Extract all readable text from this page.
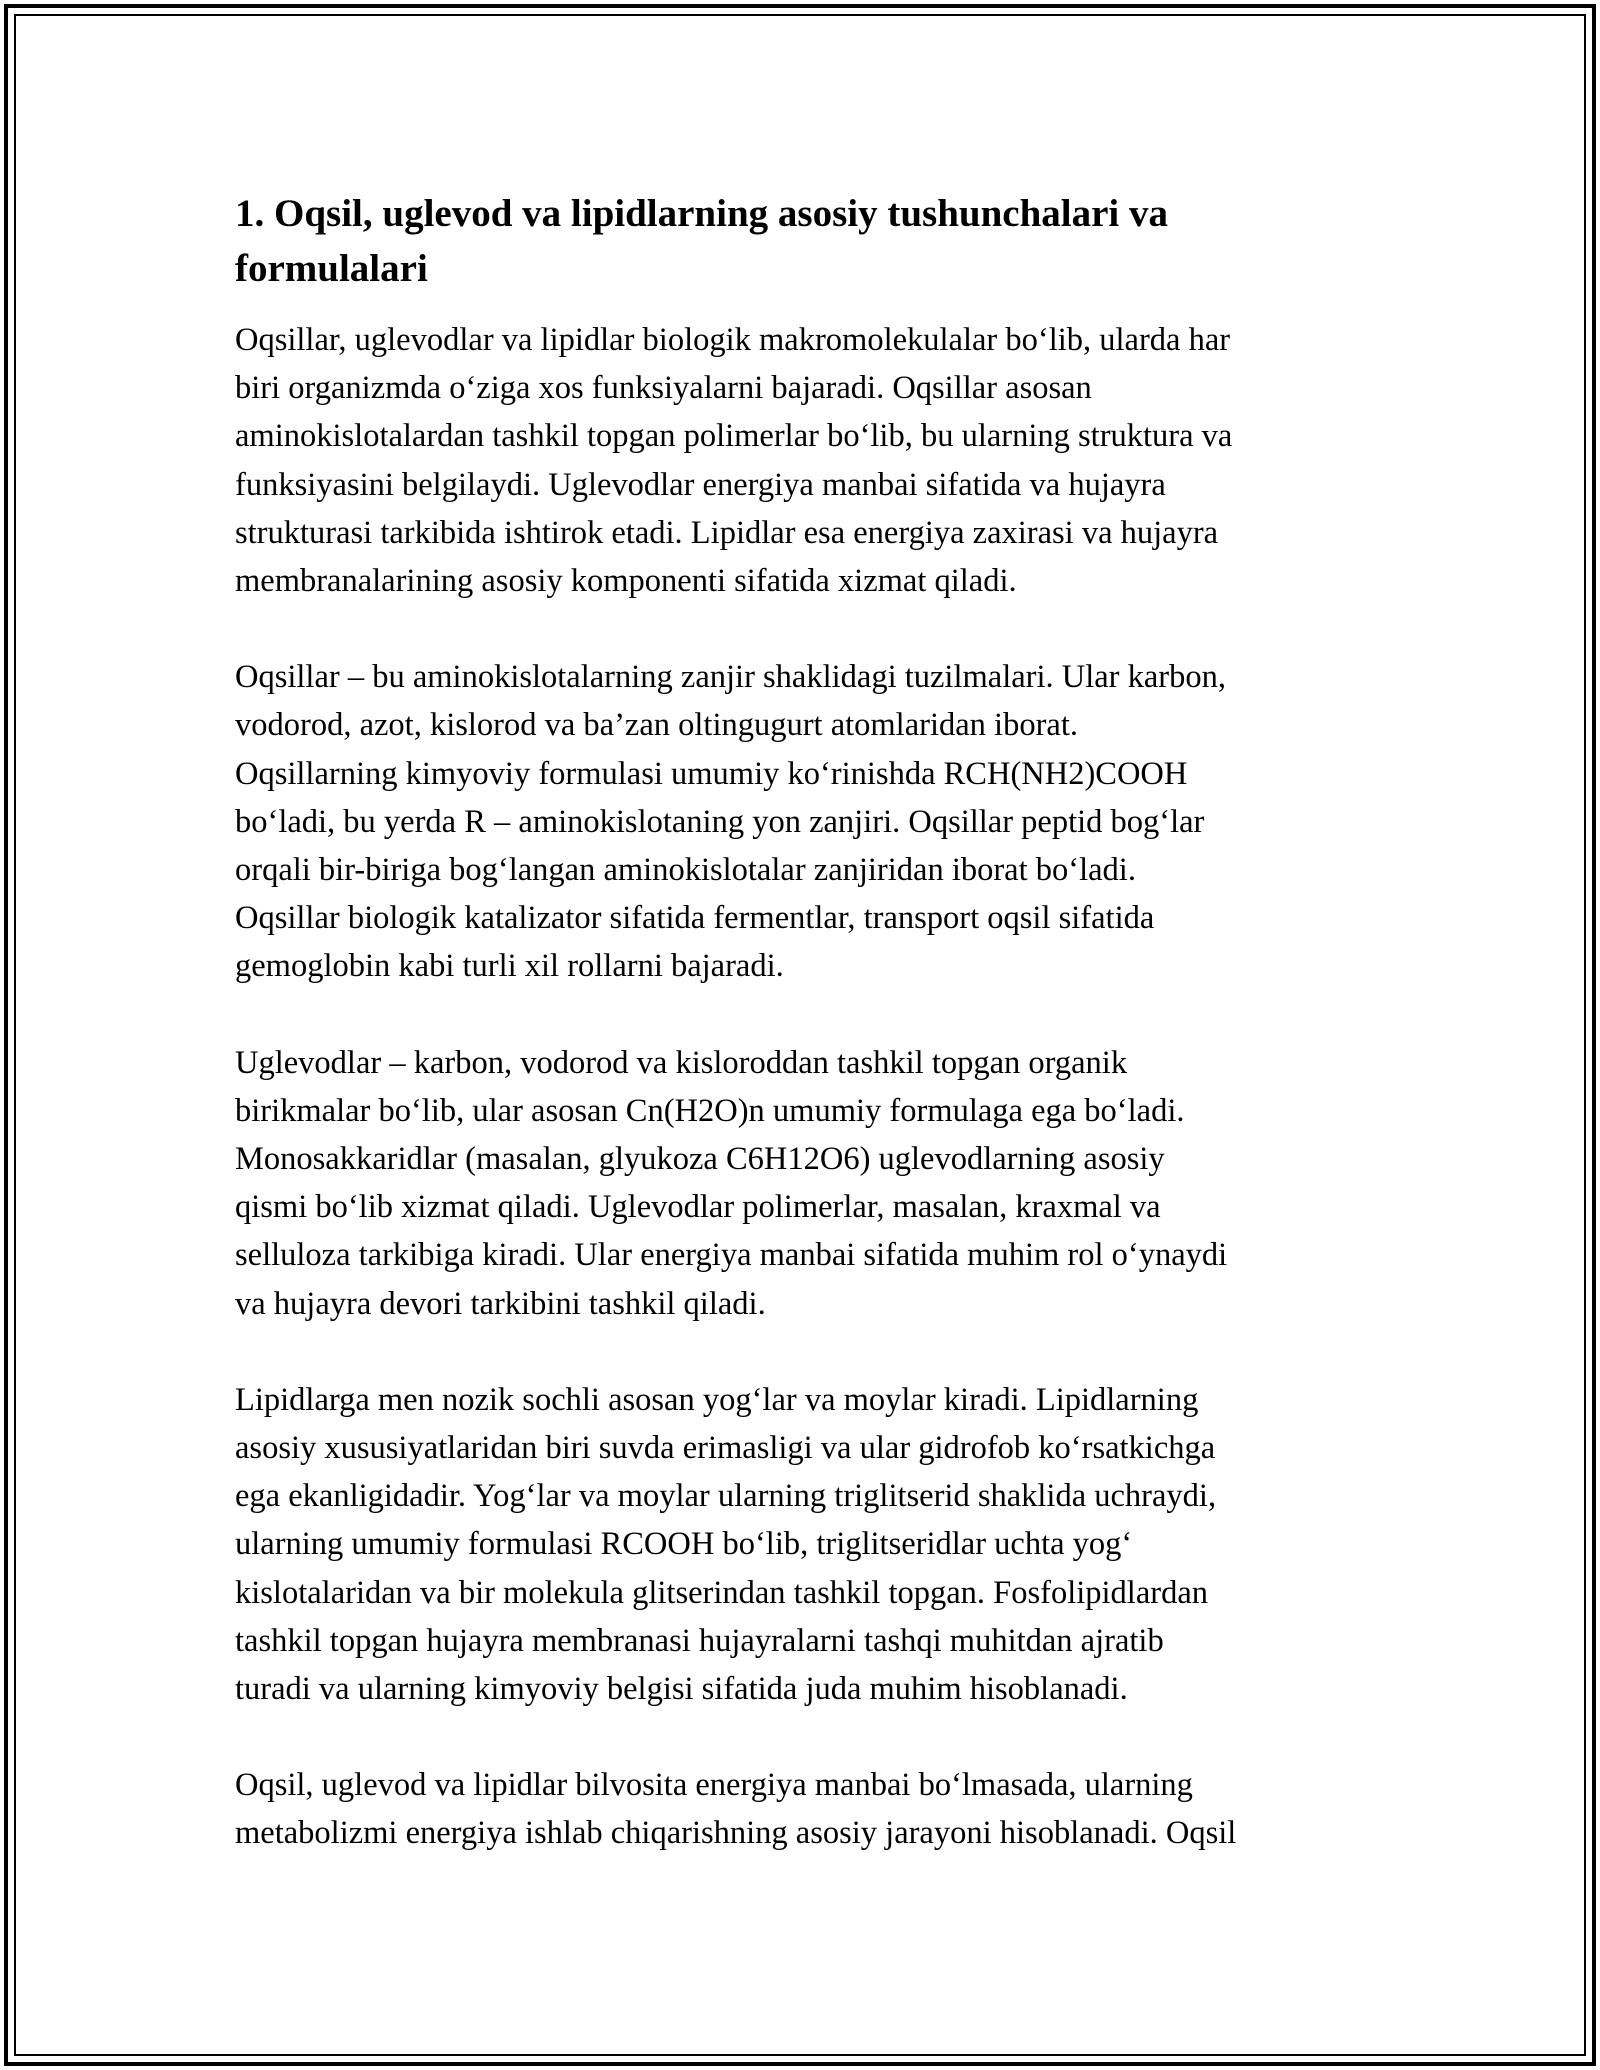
1. Oqsil, uglevod va lipidlarning asosiy tushunchalari va
formulalari

Oqsillar, uglevodlar va lipidlar biologik makromolekulalar bo‘lib, ularda har
biri organizmda o‘ziga xos funksiyalarni bajaradi. Oqsillar asosan
aminokislotalardan tashkil topgan polimerlar bo‘lib, bu ularning struktura va
funksiyasini belgilaydi. Uglevodlar energiya manbai sifatida va hujayra
strukturasi tarkibida ishtirok etadi. Lipidlar esa energiya zaxirasi va hujayra
membranalarining asosiy komponenti sifatida xizmat qiladi.

Oqsillar – bu aminokislotalarning zanjir shaklidagi tuzilmalari. Ular karbon,
vodorod, azot, kislorod va ba’zan oltingugurt atomlaridan iborat.
Oqsillarning kimyoviy formulasi umumiy ko‘rinishda RCH(NH2)COOH
bo‘ladi, bu yerda R – aminokislotaning yon zanjiri. Oqsillar peptid bog‘lar
orqali bir-biriga bog‘langan aminokislotalar zanjiridan iborat bo‘ladi.
Oqsillar biologik katalizator sifatida fermentlar, transport oqsil sifatida
gemoglobin kabi turli xil rollarni bajaradi.

Uglevodlar – karbon, vodorod va kisloroddan tashkil topgan organik
birikmalar bo‘lib, ular asosan Cn(H2O)n umumiy formulaga ega bo‘ladi.
Monosakkaridlar (masalan, glyukoza C6H12O6) uglevodlarning asosiy
qismi bo‘lib xizmat qiladi. Uglevodlar polimerlar, masalan, kraxmal va
selluloza tarkibiga kiradi. Ular energiya manbai sifatida muhim rol o‘ynaydi
va hujayra devori tarkibini tashkil qiladi.

Lipidlarga men nozik sochli asosan yog‘lar va moylar kiradi. Lipidlarning
asosiy xususiyatlaridan biri suvda erimasligi va ular gidrofob ko‘rsatkichga
ega ekanligidadir. Yog‘lar va moylar ularning triglitserid shaklida uchraydi,
ularning umumiy formulasi RCOOH bo‘lib, triglitseridlar uchta yog‘
kislotalaridan va bir molekula glitserindan tashkil topgan. Fosfolipidlardan
tashkil topgan hujayra membranasi hujayralarni tashqi muhitdan ajratib
turadi va ularning kimyoviy belgisi sifatida juda muhim hisoblanadi.

Oqsil, uglevod va lipidlar bilvosita energiya manbai bo‘lmasada, ularning
metabolizmi energiya ishlab chiqarishning asosiy jarayoni hisoblanadi. Oqsil
